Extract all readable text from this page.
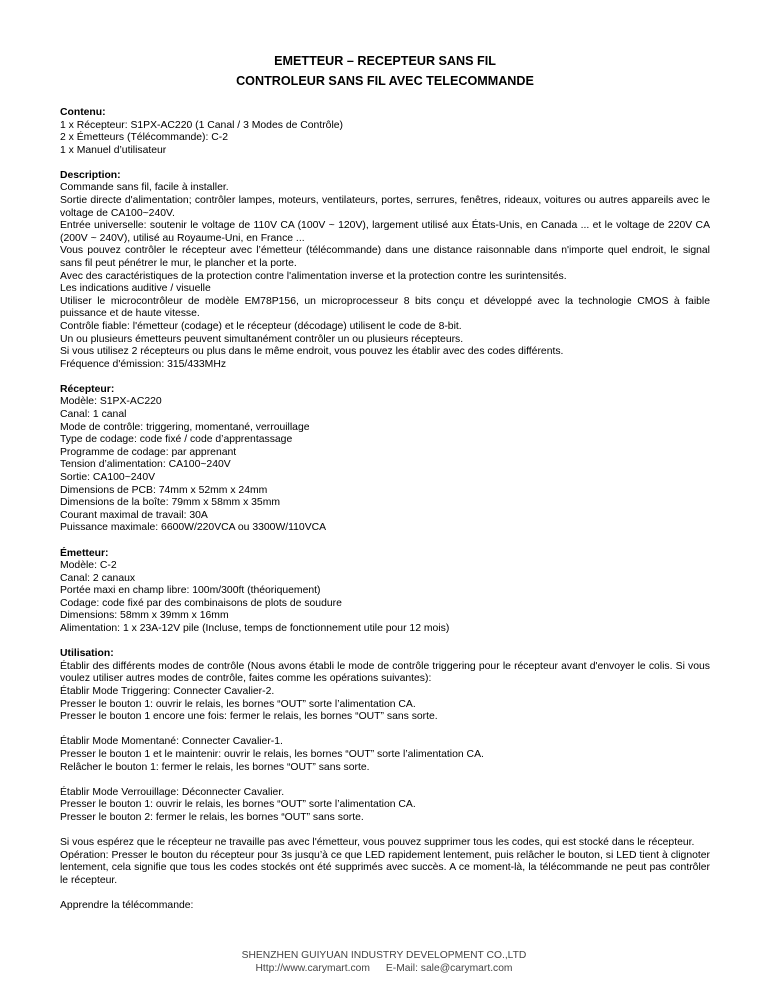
EMETTEUR – RECEPTEUR SANS FIL

CONTROLEUR SANS FIL AVEC TELECOMMANDE

Contenu:

1 x Récepteur: S1PX-AC220 (1 Canal / 3 Modes de Contrôle)

2 x Émetteurs (Télécommande): C-2

1 x Manuel d’utilisateur

Description:

Commande sans fil, facile à installer.

Sortie directe d'alimentation; contrôler lampes, moteurs, ventilateurs, portes, serrures, fenêtres, rideaux, voitures ou autres appareils avec le voltage de CA100~240V.

Entrée universelle: soutenir le voltage de 110V CA (100V ~ 120V), largement utilisé aux États-Unis, en Canada ... et le voltage de 220V CA (200V ~ 240V), utilisé au Royaume-Uni, en France ...

Vous pouvez contrôler le récepteur avec l’émetteur (télécommande) dans une distance raisonnable dans n'importe quel endroit, le signal sans fil peut pénétrer le mur, le plancher et la porte.

Avec des caractéristiques de la protection contre l'alimentation inverse et la protection contre les surintensités.

Les indications auditive / visuelle

Utiliser le microcontrôleur de modèle EM78P156, un microprocesseur 8 bits conçu et développé avec la technologie CMOS à faible puissance et de haute vitesse.

Contrôle fiable: l'émetteur (codage) et le récepteur (décodage) utilisent le code de 8-bit.

Un ou plusieurs émetteurs peuvent simultanément contrôler un ou plusieurs récepteurs.

Si vous utilisez 2 récepteurs ou plus dans le même endroit, vous pouvez les établir avec des codes différents.

Fréquence d'émission: 315/433MHz

Récepteur:

Modèle: S1PX-AC220

Canal: 1 canal

Mode de contrôle: triggering, momentané, verrouillage

Type de codage: code fixé / code d’apprentassage

Programme de codage: par apprenant

Tension d’alimentation: CA100~240V

Sortie: CA100~240V

Dimensions de PCB: 74mm x 52mm x 24mm

Dimensions de la boîte: 79mm x 58mm x 35mm

Courant maximal de travail: 30A

Puissance maximale: 6600W/220VCA ou 3300W/110VCA

Émetteur:

Modèle: C-2

Canal: 2 canaux

Portée maxi en champ libre: 100m/300ft (théoriquement)

Codage: code fixé par des combinaisons de plots de soudure

Dimensions: 58mm x 39mm x 16mm

Alimentation: 1 x 23A-12V pile (Incluse, temps de fonctionnement utile pour 12 mois)

Utilisation:

Établir des différents modes de contrôle (Nous avons établi le mode de contrôle triggering pour le récepteur avant d'envoyer le colis. Si vous voulez utiliser autres modes de contrôle, faites comme les opérations suivantes):

Établir Mode Triggering: Connecter Cavalier-2.

Presser le bouton 1: ouvrir le relais, les bornes “OUT” sorte l’alimentation CA.

Presser le bouton 1 encore une fois: fermer le relais, les bornes “OUT” sans sorte.

Établir Mode Momentané: Connecter Cavalier-1.

Presser le bouton 1 et le maintenir: ouvrir le relais, les bornes “OUT” sorte l’alimentation CA.

Relâcher le bouton 1: fermer le relais, les bornes “OUT” sans sorte.

Établir Mode Verrouillage: Déconnecter Cavalier.

Presser le bouton 1: ouvrir le relais, les bornes “OUT” sorte l’alimentation CA.

Presser le bouton 2: fermer le relais, les bornes “OUT” sans sorte.

Si vous espérez que le récepteur ne travaille pas avec l'émetteur, vous pouvez supprimer tous les codes, qui est stocké dans le récepteur.

Opération: Presser le bouton du récepteur pour 3s jusqu’à ce que LED rapidement lentement, puis relâcher le bouton, si LED tient à clignoter lentement, cela signifie que tous les codes stockés ont été supprimés avec succès. A ce moment-là, la télécommande ne peut pas contrôler le récepteur.

Apprendre la télécommande:

SHENZHEN GUIYUAN INDUSTRY DEVELOPMENT CO.,LTD
Http://www.carymart.com E-Mail: sale@carymart.com
